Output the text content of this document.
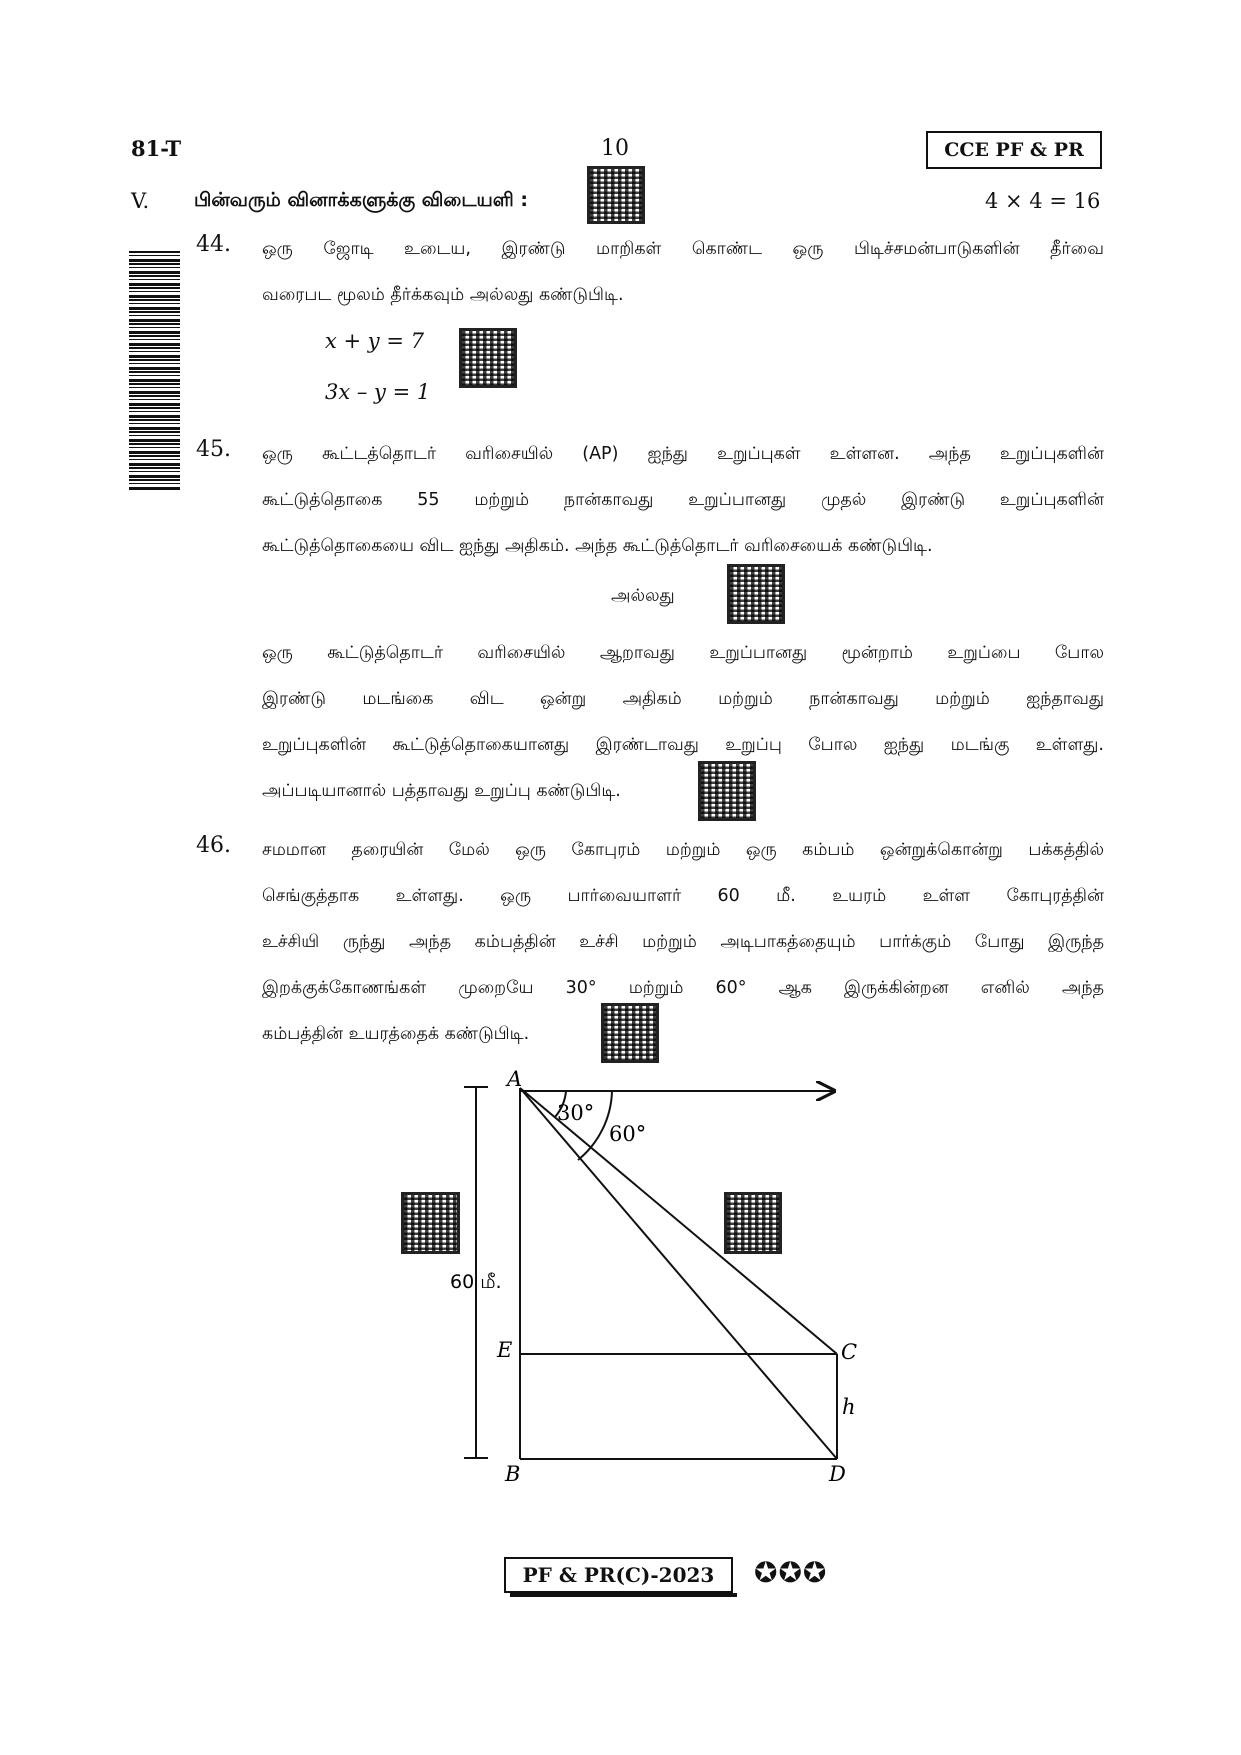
81-T	10	CCE PF & PR
V. பின்வரும் வினாக்களுக்கு விடையளி :	4 × 4 = 16
44. ஒரு ஜோடி உடைய, இரண்டு மாறிகள் கொண்ட ஒரு பிடிச்சமன்பாடுகளின் தீர்வை
வரைபட மூலம் தீர்க்கவும் அல்லது கண்டுபிடி.
x + y = 7
3x – y = 1
45. ஒரு கூட்டத்தொடர் வரிசையில் (AP) ஐந்து உறுப்புகள் உள்ளன. அந்த உறுப்புகளின்
கூட்டுத்தொகை 55 மற்றும் நான்காவது உறுப்பானது முதல் இரண்டு உறுப்புகளின்
கூட்டுத்தொகையை விட ஐந்து அதிகம். அந்த கூட்டுத்தொடர் வரிசையைக் கண்டுபிடி.
அல்லது
ஒரு கூட்டுத்தொடர் வரிசையில் ஆறாவது உறுப்பானது மூன்றாம் உறுப்பை போல
இரண்டு மடங்கை விட ஒன்று அதிகம் மற்றும் நான்காவது மற்றும் ஐந்தாவது
உறுப்புகளின் கூட்டுத்தொகையானது இரண்டாவது உறுப்பு போல ஐந்து மடங்கு உள்ளது.
அப்படியானால் பத்தாவது உறுப்பு கண்டுபிடி.
46. சமமான தரையின் மேல் ஒரு கோபுரம் மற்றும் ஒரு கம்பம் ஒன்றுக்கொன்று பக்கத்தில்
செங்குத்தாக உள்ளது. ஒரு பார்வையாளர் 60 மீ. உயரம் உள்ள கோபுரத்தின்
உச்சியி ருந்து அந்த கம்பத்தின் உச்சி மற்றும் அடிபாகத்தையும் பார்க்கும் போது இருந்த
இறக்குக்கோணங்கள் முறையே 30° மற்றும் 60° ஆக இருக்கின்றன எனில் அந்த
கம்பத்தின் உயரத்தைக் கண்டுபிடி.
A
B
C
D
E
h
30°
60°
60 மீ.
PF & PR(C)-2023	✪✪✪
